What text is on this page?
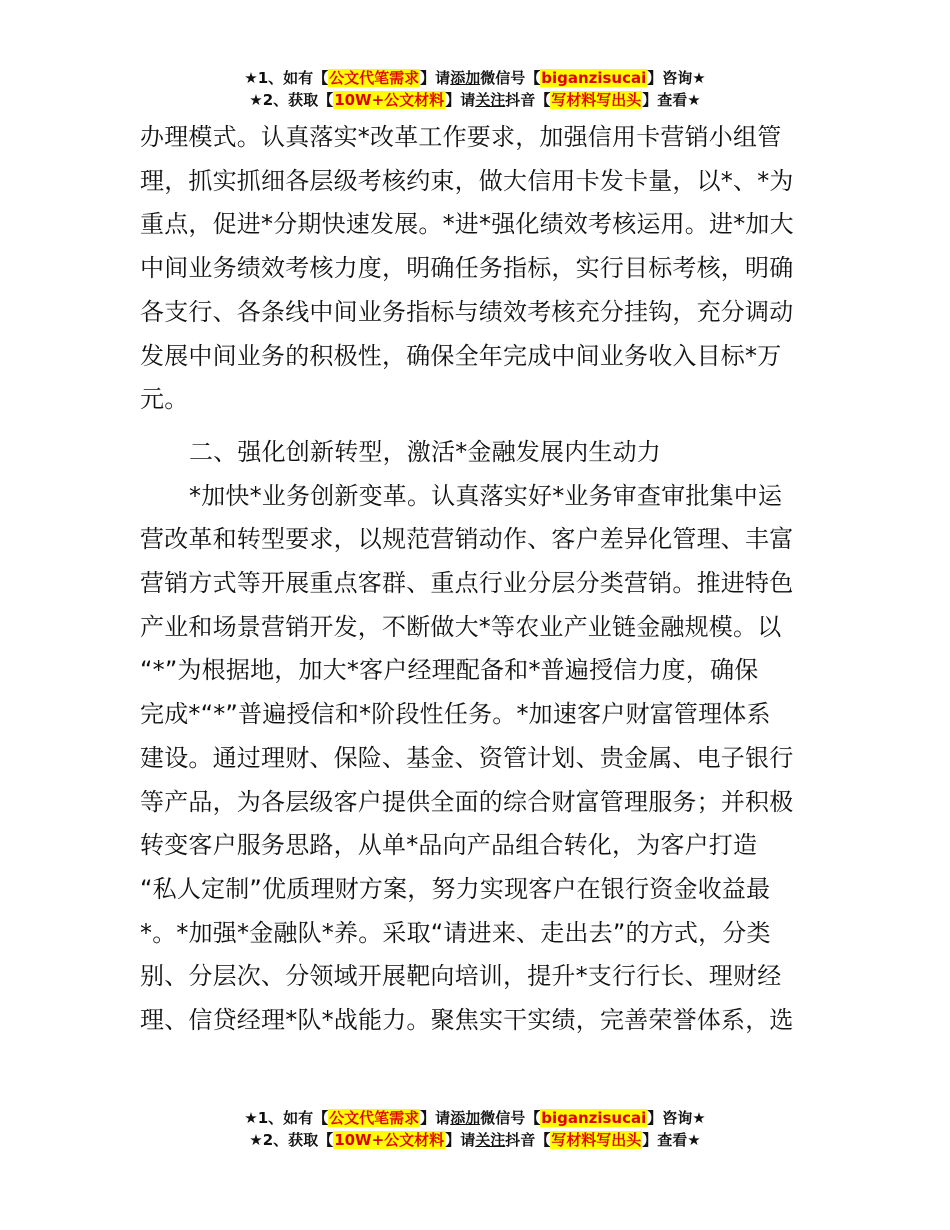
★1、如有【公文代笔需求】请添加微信号【biganzisucai】咨询★
★2、获取【10W+公文材料】请关注抖音【写材料写出头】查看★

办理模式。认真落实*改革工作要求，加强信用卡营销小组管
理，抓实抓细各层级考核约束，做大信用卡发卡量，以*、*为
重点，促进*分期快速发展。*进*强化绩效考核运用。进*加大
中间业务绩效考核力度，明确任务指标，实行目标考核，明确
各支行、各条线中间业务指标与绩效考核充分挂钩，充分调动
发展中间业务的积极性，确保全年完成中间业务收入目标*万
元。

二、强化创新转型，激活*金融发展内生动力

*加快*业务创新变革。认真落实好*业务审查审批集中运
营改革和转型要求，以规范营销动作、客户差异化管理、丰富
营销方式等开展重点客群、重点行业分层分类营销。推进特色
产业和场景营销开发，不断做大*等农业产业链金融规模。以
“*”为根据地，加大*客户经理配备和*普遍授信力度，确保
完成*“*”普遍授信和*阶段性任务。*加速客户财富管理体系
建设。通过理财、保险、基金、资管计划、贵金属、电子银行
等产品，为各层级客户提供全面的综合财富管理服务；并积极
转变客户服务思路，从单*品向产品组合转化，为客户打造
“私人定制”优质理财方案，努力实现客户在银行资金收益最
*。*加强*金融队*养。采取“请进来、走出去”的方式，分类
别、分层次、分领域开展靶向培训，提升*支行行长、理财经
理、信贷经理*队*战能力。聚焦实干实绩，完善荣誉体系，选

★1、如有【公文代笔需求】请添加微信号【biganzisucai】咨询★
★2、获取【10W+公文材料】请关注抖音【写材料写出头】查看★
